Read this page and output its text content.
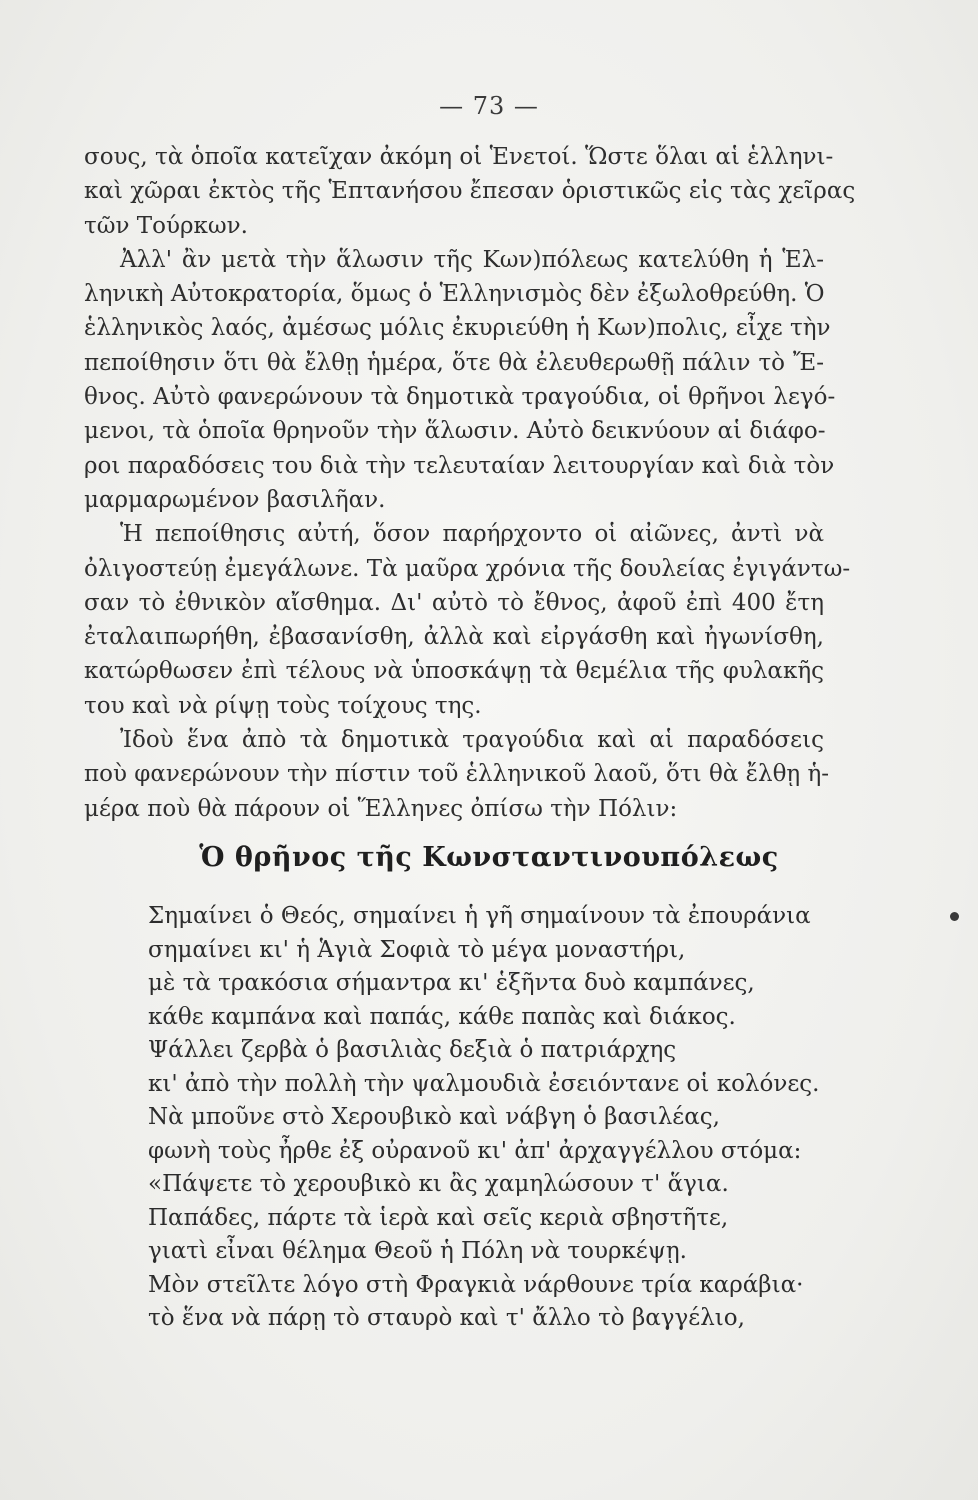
— 73 —
σους, τὰ ὁποῖα κατεῖχαν ἀκόμη οἱ Ἑνετοί. Ὥστε ὅλαι αἱ ἑλληνι-
καὶ χῶραι ἐκτὸς τῆς Ἑπτανήσου ἔπεσαν ὁριστικῶς εἰς τὰς χεῖρας
τῶν Τούρκων.
Ἀλλ' ἂν μετὰ τὴν ἅλωσιν τῆς Κων)πόλεως κατελύθη ἡ Ἑλ-
ληνικὴ Αὐτοκρατορία, ὅμως ὁ Ἑλληνισμὸς δὲν ἐξωλοθρεύθη. Ὁ
ἑλληνικὸς λαός, ἀμέσως μόλις ἐκυριεύθη ἡ Κων)πολις, εἶχε τὴν
πεποίθησιν ὅτι θὰ ἔλθῃ ἡμέρα, ὅτε θὰ ἐλευθερωθῇ πάλιν τὸ Ἔ-
θνος. Αὐτὸ φανερώνουν τὰ δημοτικὰ τραγούδια, οἱ θρῆνοι λεγό-
μενοι, τὰ ὁποῖα θρηνοῦν τὴν ἅλωσιν. Αὐτὸ δεικνύουν αἱ διάφο-
ροι παραδόσεις του διὰ τὴν τελευταίαν λειτουργίαν καὶ διὰ τὸν
μαρμαρωμένον βασιλῆαν.
Ἡ πεποίθησις αὐτή, ὅσον παρήρχοντο οἱ αἰῶνες, ἀντὶ νὰ
ὀλιγοστεύῃ ἐμεγάλωνε. Τὰ μαῦρα χρόνια τῆς δουλείας ἐγιγάντω-
σαν τὸ ἐθνικὸν αἴσθημα. Δι' αὐτὸ τὸ ἔθνος, ἀφοῦ ἐπὶ 400 ἔτη
ἐταλαιπωρήθη, ἐβασανίσθη, ἀλλὰ καὶ εἰργάσθη καὶ ἠγωνίσθη,
κατώρθωσεν ἐπὶ τέλους νὰ ὑποσκάψῃ τὰ θεμέλια τῆς φυλακῆς
του καὶ νὰ ρίψῃ τοὺς τοίχους της.
Ἰδοὺ ἕνα ἀπὸ τὰ δημοτικὰ τραγούδια καὶ αἱ παραδόσεις
ποὺ φανερώνουν τὴν πίστιν τοῦ ἑλληνικοῦ λαοῦ, ὅτι θὰ ἔλθῃ ἡ-
μέρα ποὺ θὰ πάρουν οἱ Ἕλληνες ὀπίσω τὴν Πόλιν:
Ὁ θρῆνος τῆς Κωνσταντινουπόλεως
Σημαίνει ὁ Θεός, σημαίνει ἡ γῆ σημαίνουν τὰ ἐπουράνια
σημαίνει κι' ἡ Ἁγιὰ Σοφιὰ τὸ μέγα μοναστήρι,
μὲ τὰ τρακόσια σήμαντρα κι' ἑξῆντα δυὸ καμπάνες,
κάθε καμπάνα καὶ παπάς, κάθε παπὰς καὶ διάκος.
Ψάλλει ζερβὰ ὁ βασιλιὰς δεξιὰ ὁ πατριάρχης
κι' ἀπὸ τὴν πολλὴ τὴν ψαλμουδιὰ ἐσειόντανε οἱ κολόνες.
Νὰ μποῦνε στὸ Χερουβικὸ καὶ νάβγη ὁ βασιλέας,
φωνὴ τοὺς ἦρθε ἐξ οὐρανοῦ κι' ἀπ' ἀρχαγγέλλου στόμα:
«Πάψετε τὸ χερουβικὸ κι ἂς χαμηλώσουν τ' ἅγια.
Παπάδες, πάρτε τὰ ἱερὰ καὶ σεῖς κεριὰ σβηστῆτε,
γιατὶ εἶναι θέλημα Θεοῦ ἡ Πόλη νὰ τουρκέψῃ.
Μὸν στεῖλτε λόγο στὴ Φραγκιὰ νάρθουνε τρία καράβια·
τὸ ἕνα νὰ πάρῃ τὸ σταυρὸ καὶ τ' ἄλλο τὸ βαγγέλιο,
